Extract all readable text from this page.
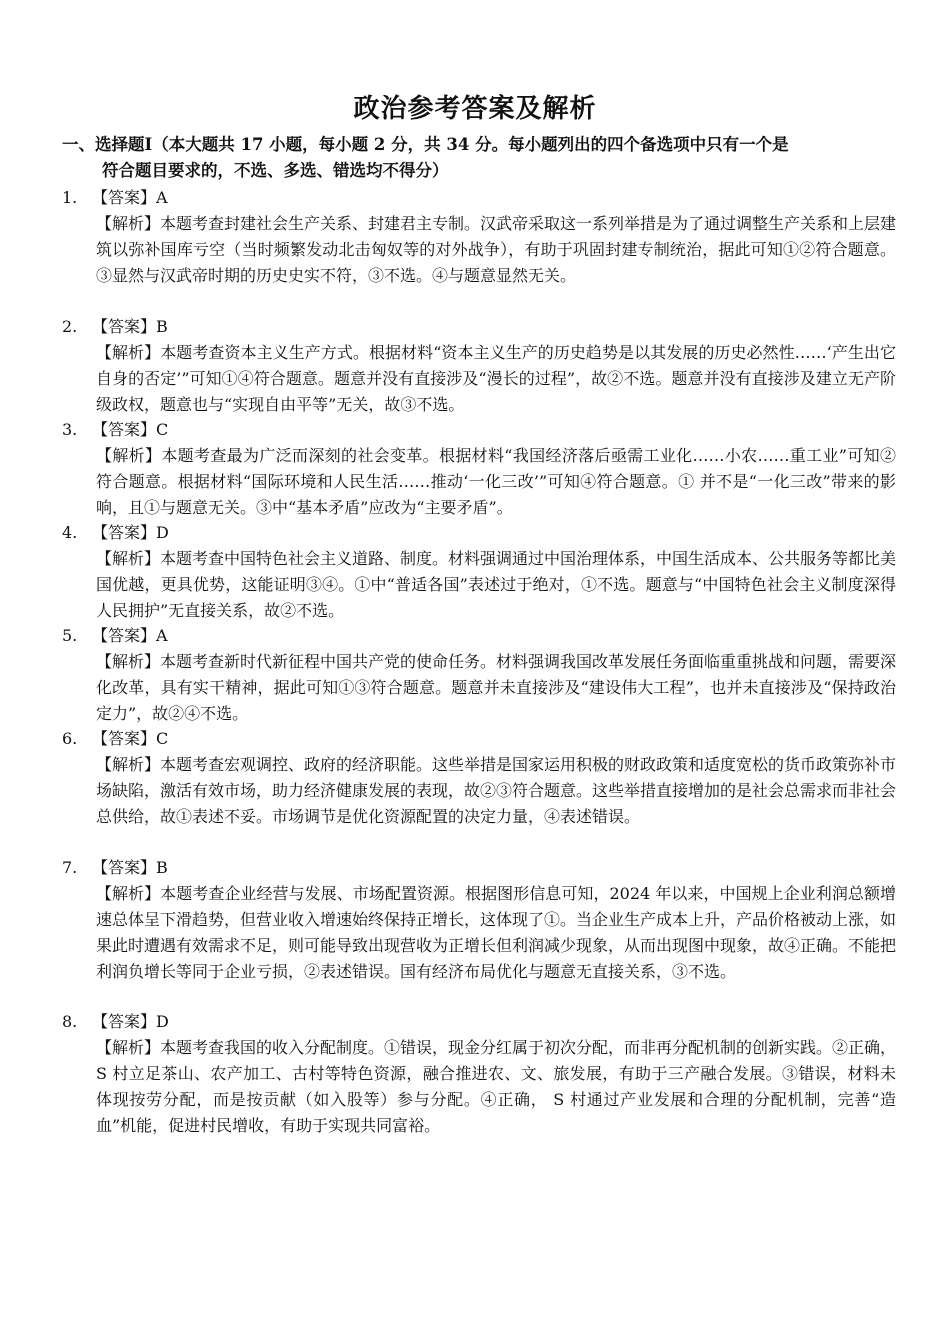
政治参考答案及解析
一、选择题Ⅰ（本大题共 17 小题，每小题 2 分，共 34 分。每小题列出的四个备选项中只有一个是
符合题目要求的，不选、多选、错选均不得分）
1. 【答案】A
【解析】本题考查封建社会生产关系、封建君主专制。汉武帝采取这一系列举措是为了通过调整生产关系和上层建筑以弥补国库亏空（当时频繁发动北击匈奴等的对外战争），有助于巩固封建专制统治，据此可知①②符合题意。③显然与汉武帝时期的历史史实不符，③不选。④与题意显然无关。
2. 【答案】B
【解析】本题考查资本主义生产方式。根据材料“资本主义生产的历史趋势是以其发展的历史必然性……‘产生出它自身的否定’”可知①④符合题意。题意并没有直接涉及“漫长的过程”，故②不选。题意并没有直接涉及建立无产阶级政权，题意也与“实现自由平等”无关，故③不选。
3. 【答案】C
【解析】本题考查最为广泛而深刻的社会变革。根据材料“我国经济落后亟需工业化……小农……重工业”可知②符合题意。根据材料“国际环境和人民生活……推动‘一化三改’”可知④符合题意。① 并不是“一化三改”带来的影响，且①与题意无关。③中“基本矛盾”应改为“主要矛盾”。
4. 【答案】D
【解析】本题考查中国特色社会主义道路、制度。材料强调通过中国治理体系，中国生活成本、公共服务等都比美国优越，更具优势，这能证明③④。①中“普适各国”表述过于绝对，①不选。题意与“中国特色社会主义制度深得人民拥护”无直接关系，故②不选。
5. 【答案】A
【解析】本题考查新时代新征程中国共产党的使命任务。材料强调我国改革发展任务面临重重挑战和问题，需要深化改革，具有实干精神，据此可知①③符合题意。题意并未直接涉及“建设伟大工程”，也并未直接涉及“保持政治定力”，故②④不选。
6. 【答案】C
【解析】本题考查宏观调控、政府的经济职能。这些举措是国家运用积极的财政政策和适度宽松的货币政策弥补市场缺陷，激活有效市场，助力经济健康发展的表现，故②③符合题意。这些举措直接增加的是社会总需求而非社会总供给，故①表述不妥。市场调节是优化资源配置的决定力量，④表述错误。
7. 【答案】B
【解析】本题考查企业经营与发展、市场配置资源。根据图形信息可知，2024 年以来，中国规上企业利润总额增速总体呈下滑趋势，但营业收入增速始终保持正增长，这体现了①。当企业生产成本上升，产品价格被动上涨，如果此时遭遇有效需求不足，则可能导致出现营收为正增长但利润减少现象，从而出现图中现象，故④正确。不能把利润负增长等同于企业亏损，②表述错误。国有经济布局优化与题意无直接关系，③不选。
8. 【答案】D
【解析】本题考查我国的收入分配制度。①错误，现金分红属于初次分配，而非再分配机制的创新实践。②正确，S 村立足茶山、农产加工、古村等特色资源，融合推进农、文、旅发展，有助于三产融合发展。③错误，材料未体现按劳分配，而是按贡献（如入股等）参与分配。④正确， S 村通过产业发展和合理的分配机制，完善“造血”机能，促进村民增收，有助于实现共同富裕。
